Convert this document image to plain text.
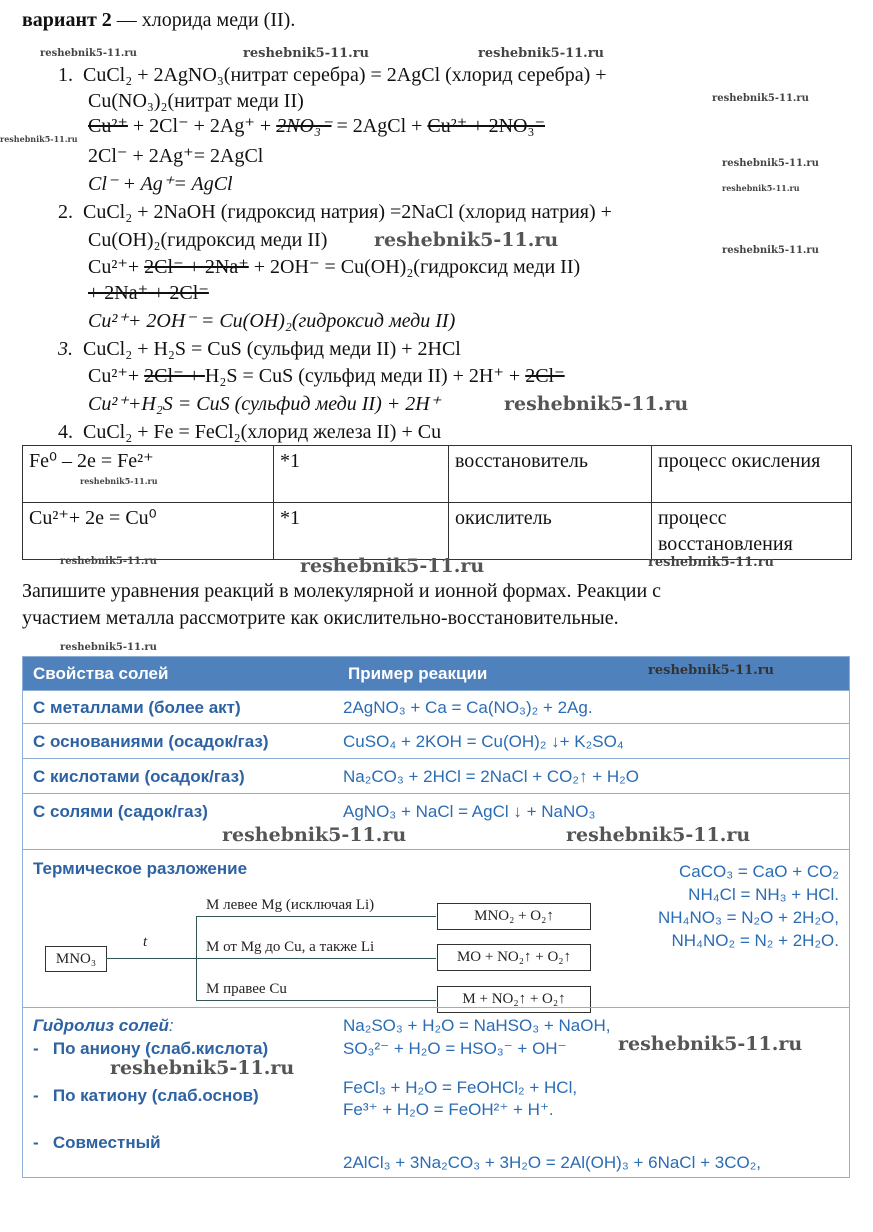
вариант 2 — хлорида меди (II).
1. CuCl₂ + 2AgNO₃(нитрат серебра) = 2AgCl (хлорид серебра) +
Cu(NO₃)₂(нитрат меди II)
Cu²⁺ + 2Cl⁻ + 2Ag⁺ + 2NO₃⁻ = 2AgCl + Cu²⁺ + 2NO₃⁻
2Cl⁻ + 2Ag⁺= 2AgCl
Cl⁻ + Ag⁺= AgCl
2. CuCl₂ + 2NaOH (гидроксид натрия) =2NaCl (хлорид натрия) +
Cu(OH)₂(гидроксид меди II)
Cu²⁺+ 2Cl⁻ + 2Na⁺ + 2OH⁻ = Cu(OH)₂(гидроксид меди II)
+ 2Na⁺ + 2Cl⁻
Cu²⁺+ 2OH⁻ = Cu(OH)₂(гидроксид меди II)
3. CuCl₂ + H₂S = CuS (сульфид меди II) + 2HCl
Cu²⁺+ 2Cl⁻ + H₂S = CuS (сульфид меди II) + 2H⁺ + 2Cl⁻
Cu²⁺+H₂S = CuS (сульфид меди II) + 2H⁺
4. CuCl₂ + Fe = FeCl₂(хлорид железа II) + Cu
Fe⁰ – 2e = Fe²⁺	*1	восстановитель	процесс окисления
Cu²⁺+ 2e = Cu⁰	*1	окислитель	процесс восстановления
Запишите уравнения реакций в молекулярной и ионной формах. Реакции с
участием металла рассмотрите как окислительно-восстановительные.
Свойства солей	Пример реакции
С металлами (более акт)	2AgNO₃ + Ca = Ca(NO₃)₂ + 2Ag.
С основаниями (осадок/газ)	CuSO₄ + 2KOH = Cu(OH)₂ ↓+ K₂SO₄
С кислотами (осадок/газ)	Na₂CO₃ + 2HCl = 2NaCl + CO₂↑ + H₂O
С солями (садок/газ)	AgNO₃ + NaCl = AgCl ↓ + NaNO₃
Термическое разложение
MNO₃
t
М левее Mg (исключая Li)
М от Mg до Cu, а также Li
М правее Cu
MNO₂ + O₂↑
MO + NO₂↑ + O₂↑
M + NO₂↑ + O₂↑
CaCO₃ = CaO + CO₂
NH₄Cl = NH₃ + HCl.
NH₄NO₃ = N₂O + 2H₂O,
NH₄NO₂ = N₂ + 2H₂O.
Гидролиз солей:
- По аниону (слаб.кислота)
- По катиону (слаб.основ)
- Совместный
Na₂SO₃ + H₂O = NaHSO₃ + NaOH,
SO₃²⁻ + H₂O = HSO₃⁻ + OH⁻
FeCl₃ + H₂O = FeOHCl₂ + HCl,
Fe³⁺ + H₂O = FeOH²⁺ + H⁺.
2AlCl₃ + 3Na₂CO₃ + 3H₂O = 2Al(OH)₃ + 6NaCl + 3CO₂,
reshebnik5-11.ru	reshebnik5-11.ru	reshebnik5-11.ru
reshebnik5-11.ru
reshebnik5-11.ru
reshebnik5-11.ru
reshebnik5-11.ru
reshebnik5-11.ru	reshebnik5-11.ru
reshebnik5-11.ru
reshebnik5-11.ru
reshebnik5-11.ru	reshebnik5-11.ru	reshebnik5-11.ru
reshebnik5-11.ru
reshebnik5-11.ru
reshebnik5-11.ru	reshebnik5-11.ru
reshebnik5-11.ru
reshebnik5-11.ru
